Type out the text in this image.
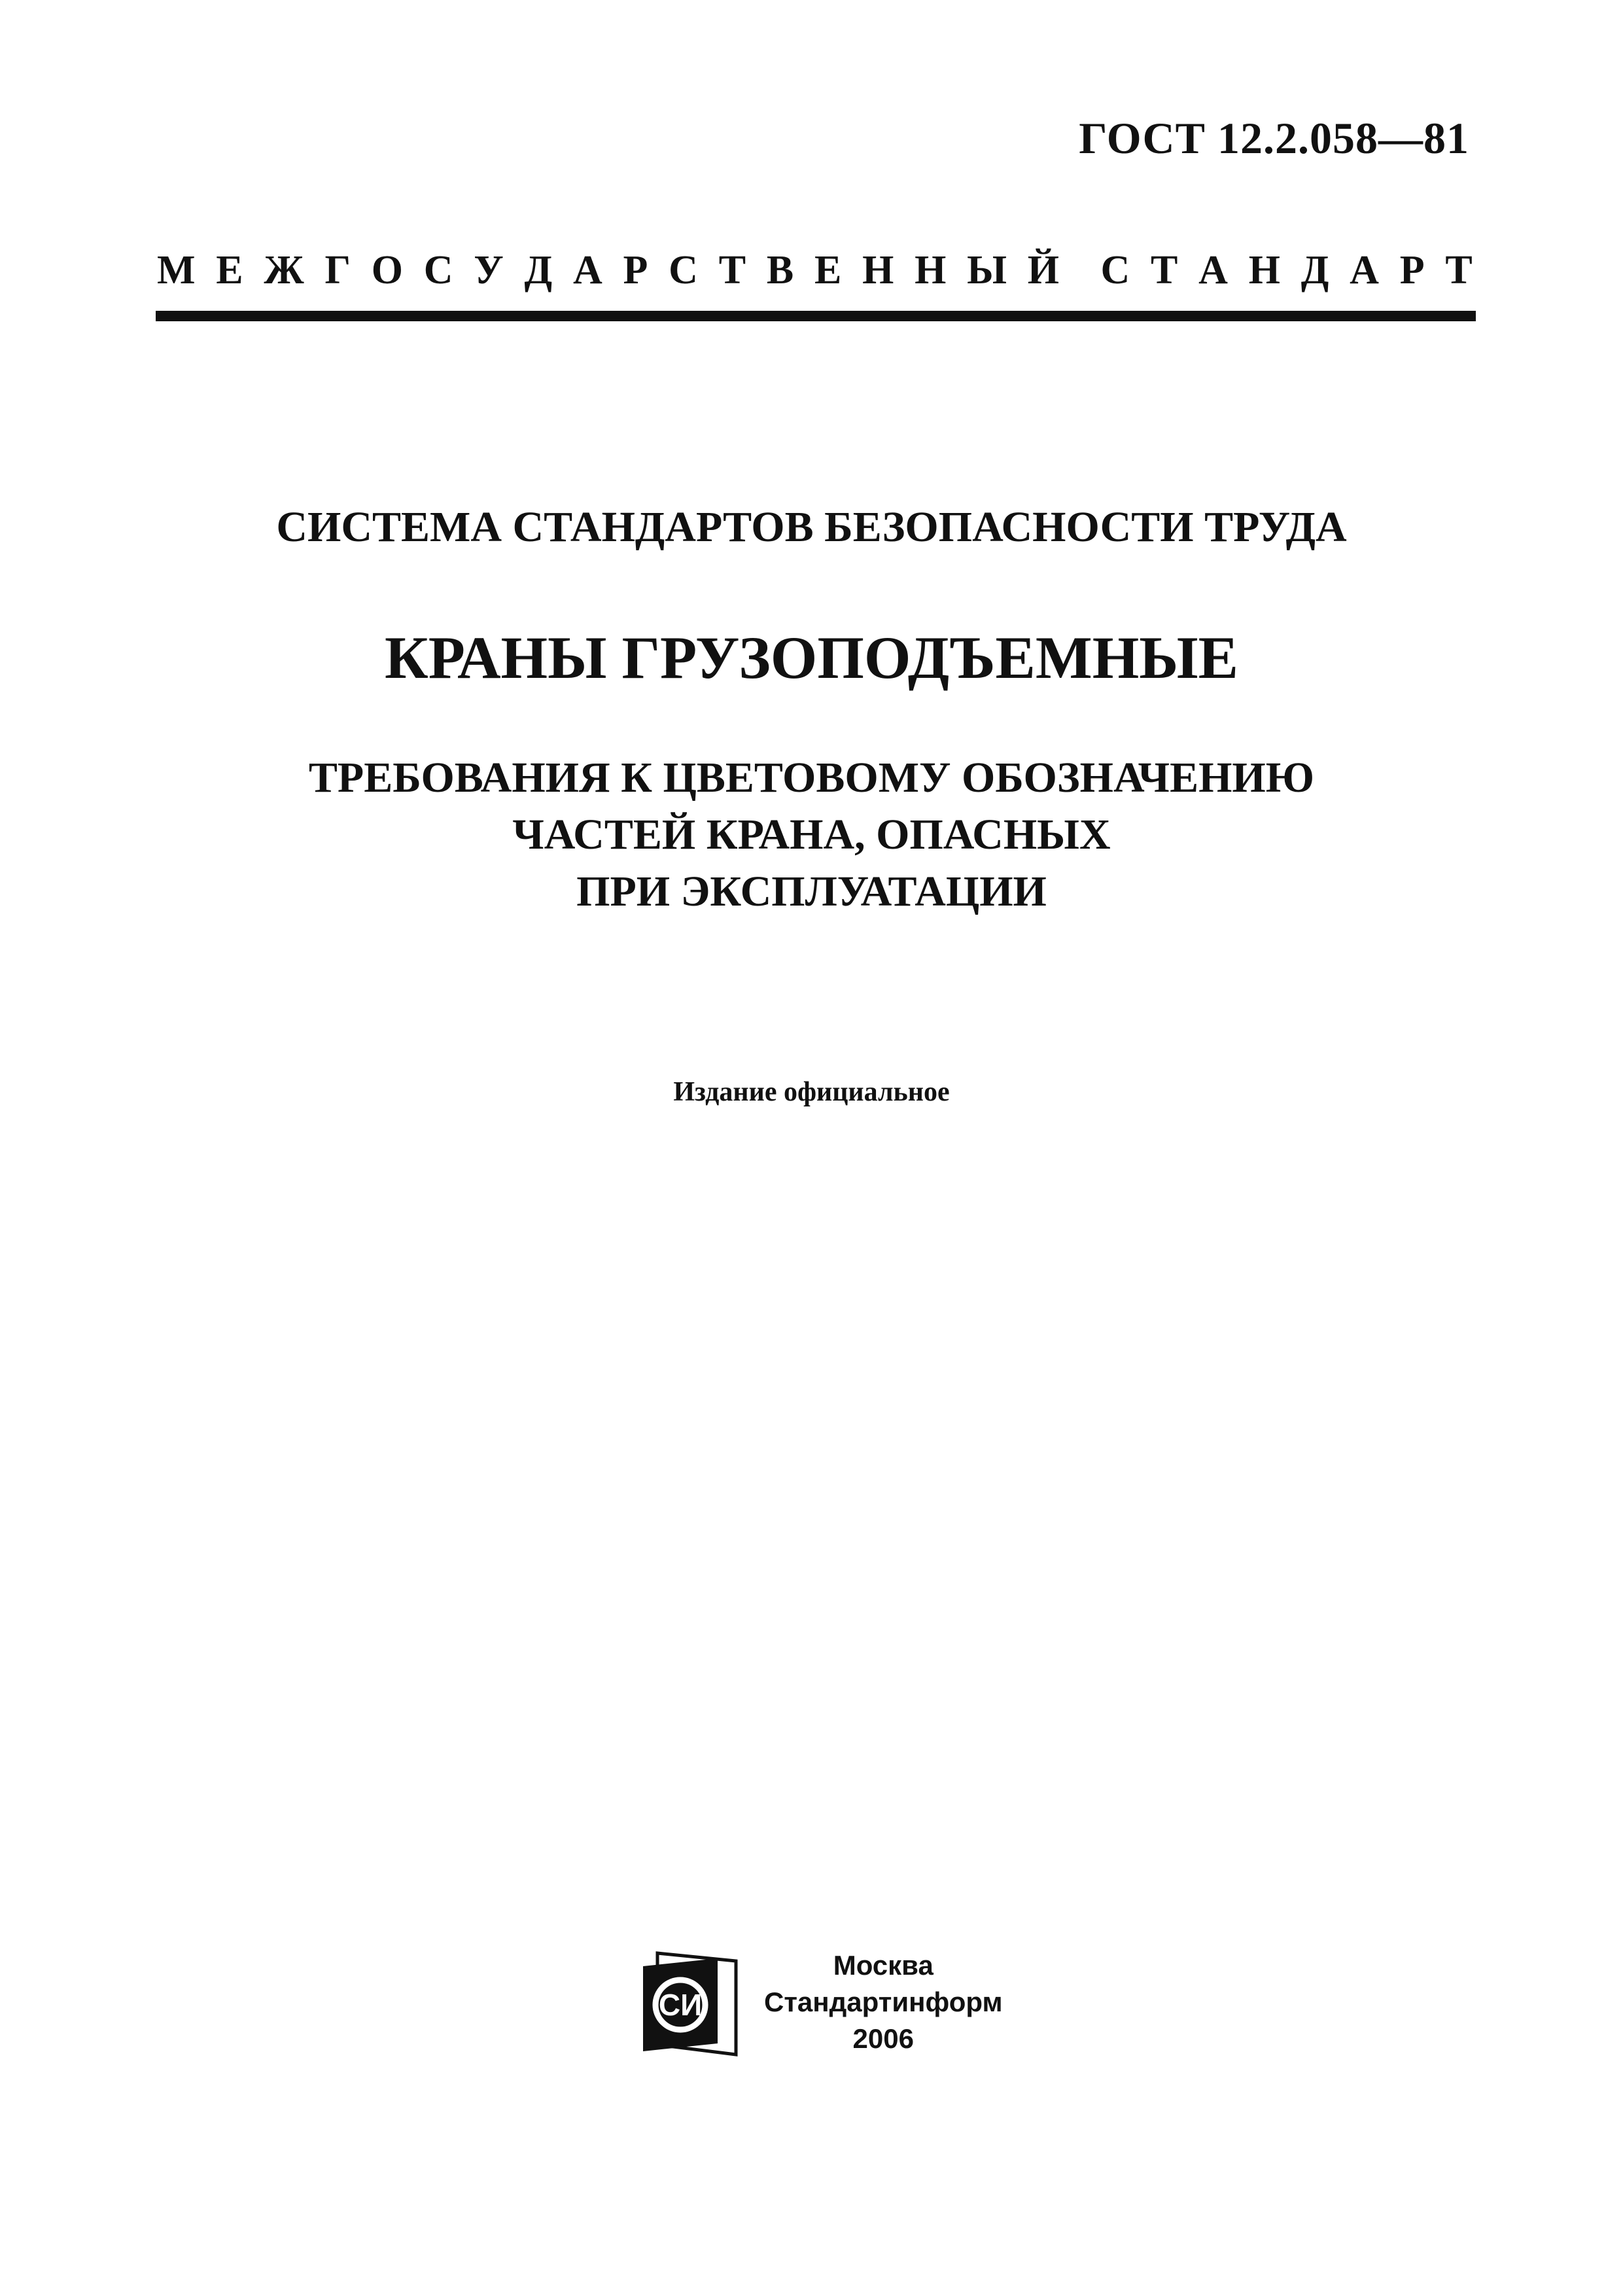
ГОСТ 12.2.058—81
М Е Ж Г О С У Д А Р С Т В Е Н Н Ы Й С Т А Н Д А Р Т
СИСТЕМА СТАНДАРТОВ БЕЗОПАСНОСТИ ТРУДА
КРАНЫ ГРУЗОПОДЪЕМНЫЕ
ТРЕБОВАНИЯ К ЦВЕТОВОМУ ОБОЗНАЧЕНИЮ
ЧАСТЕЙ КРАНА, ОПАСНЫХ
ПРИ ЭКСПЛУАТАЦИИ
Издание официальное
СИ
Москва
Стандартинформ
2006
